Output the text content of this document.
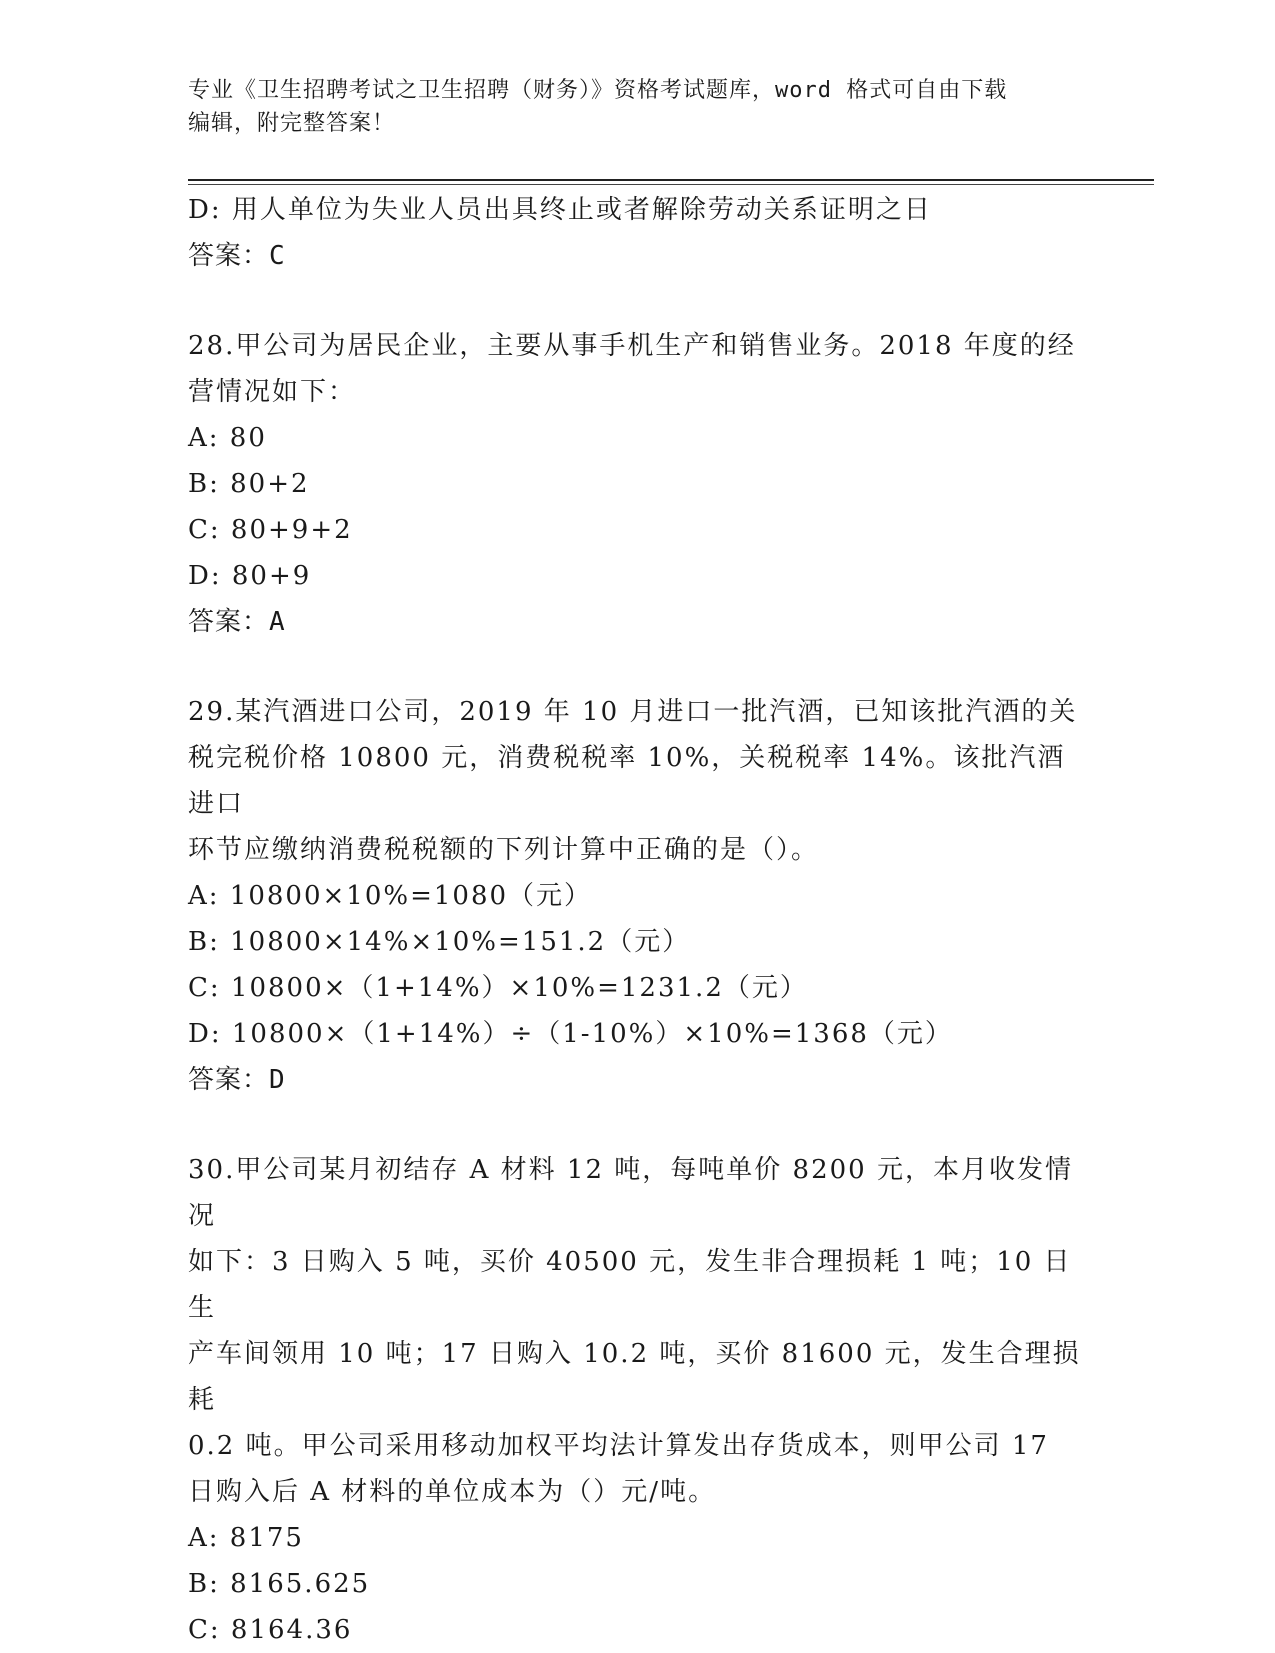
专业《卫生招聘考试之卫生招聘（财务）》资格考试题库，word 格式可自由下载
编辑，附完整答案！
D: 用人单位为失业人员出具终止或者解除劳动关系证明之日
答案：C
28.甲公司为居民企业，主要从事手机生产和销售业务。2018 年度的经
营情况如下：
A: 80
B: 80+2
C: 80+9+2
D: 80+9
答案：A
29.某汽酒进口公司，2019 年 10 月进口一批汽酒，已知该批汽酒的关
税完税价格 10800 元，消费税税率 10%，关税税率 14%。该批汽酒进口
环节应缴纳消费税税额的下列计算中正确的是（）。
A: 10800×10%=1080（元）
B: 10800×14%×10%=151.2（元）
C: 10800×（1+14%）×10%=1231.2（元）
D: 10800×（1+14%）÷（1-10%）×10%=1368（元）
答案：D
30.甲公司某月初结存 A 材料 12 吨，每吨单价 8200 元，本月收发情况
如下：3 日购入 5 吨，买价 40500 元，发生非合理损耗 1 吨；10 日生
产车间领用 10 吨；17 日购入 10.2 吨，买价 81600 元，发生合理损耗
0.2 吨。甲公司采用移动加权平均法计算发出存货成本，则甲公司 17
日购入后 A 材料的单位成本为（）元/吨。
A: 8175
B: 8165.625
C: 8164.36
